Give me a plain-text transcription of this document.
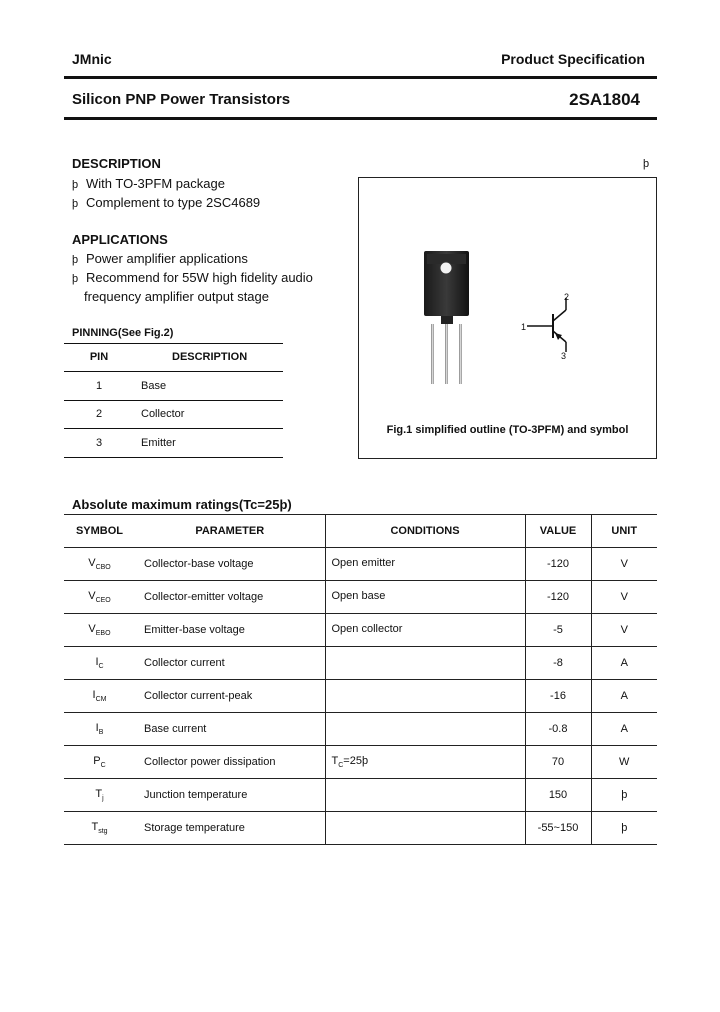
JMnic	Product Specification
Silicon PNP Power Transistors	2SA1804
DESCRIPTION	þ
þ With TO-3PFM package
þ Complement to type 2SC4689
APPLICATIONS
þ Power amplifier applications
þ Recommend for 55W high fidelity audio
frequency amplifier output stage
PINNING(See Fig.2)
PIN	DESCRIPTION
1	Base
2	Collector
3	Emitter
1
2
3
Fig.1 simplified outline (TO-3PFM) and symbol
Absolute maximum ratings(Tc=25þ)
SYMBOL	PARAMETER	CONDITIONS	VALUE	UNIT
$V_{CBO}$	Collector-base voltage	Open emitter	-120	V
$V_{CEO}$	Collector-emitter voltage	Open base	-120	V
$V_{EBO}$	Emitter-base voltage	Open collector	-5	V
$I_C$	Collector current		-8	A
$I_{CM}$	Collector current-peak		-16	A
$I_B$	Base current		-0.8	A
$P_C$	Collector power dissipation	$T_C=25þ$	70	W
$T_j$	Junction temperature		150	þ
$T_{stg}$	Storage temperature		-55~150	þ
